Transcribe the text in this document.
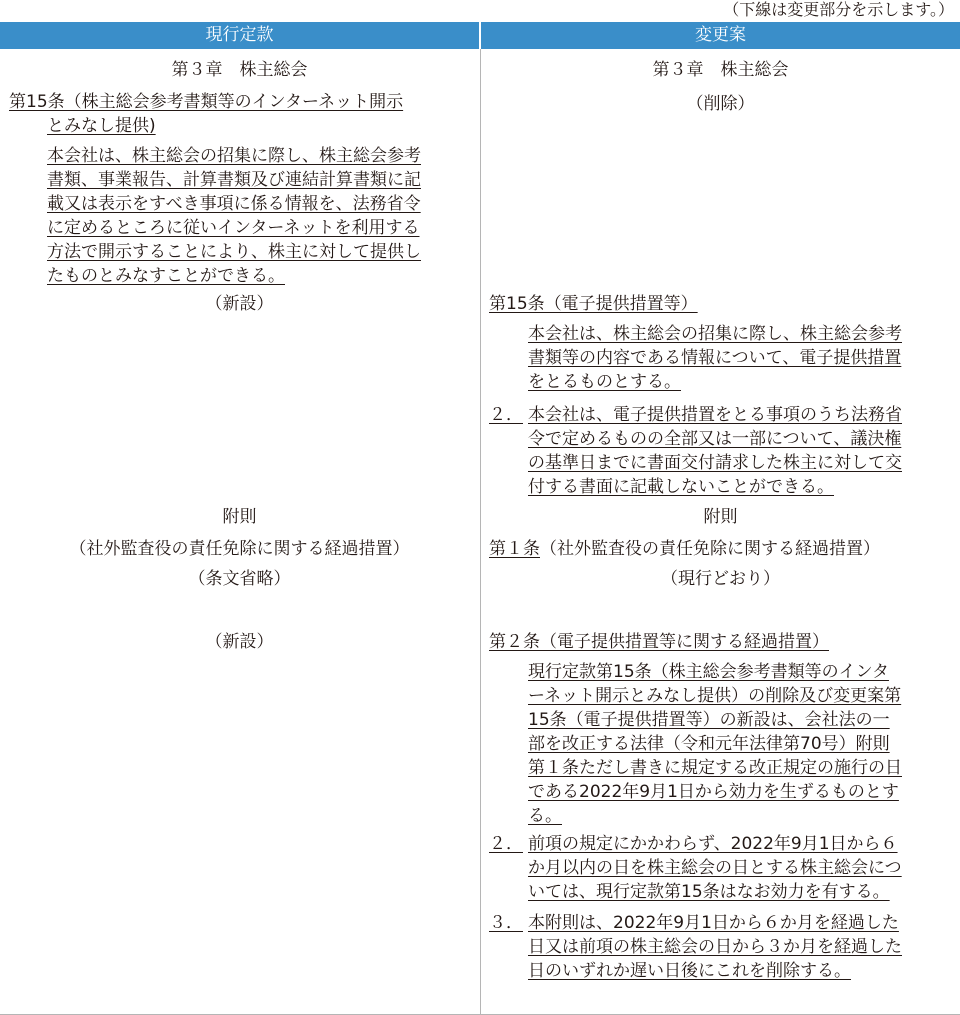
（下線は変更部分を示します。）
現行定款	変更案
第３章　株主総会
第15条（株主総会参考書類等のインターネット開示
とみなし提供)
本会社は、株主総会の招集に際し、株主総会参考
書類、事業報告、計算書類及び連結計算書類に記
載又は表示をすべき事項に係る情報を、法務省令
に定めるところに従いインターネットを利用する
方法で開示することにより、株主に対して提供し
たものとみなすことができる。
（新設）
附則
（社外監査役の責任免除に関する経過措置）
（条文省略）
（新設）
第３章　株主総会
（削除）
第15条（電子提供措置等）
本会社は、株主総会の招集に際し、株主総会参考
書類等の内容である情報について、電子提供措置
をとるものとする。
２． 本会社は、電子提供措置をとる事項のうち法務省
令で定めるものの全部又は一部について、議決権
の基準日までに書面交付請求した株主に対して交
付する書面に記載しないことができる。
附則
第１条（社外監査役の責任免除に関する経過措置）
（現行どおり）
第２条（電子提供措置等に関する経過措置）
現行定款第15条（株主総会参考書類等のインタ
ーネット開示とみなし提供）の削除及び変更案第
15条（電子提供措置等）の新設は、会社法の一
部を改正する法律（令和元年法律第70号）附則
第１条ただし書きに規定する改正規定の施行の日
である2022年9月1日から効力を生ずるものとす
る。
２． 前項の規定にかかわらず、2022年9月1日から６
か月以内の日を株主総会の日とする株主総会につ
いては、現行定款第15条はなお効力を有する。
３． 本附則は、2022年9月1日から６か月を経過した
日又は前項の株主総会の日から３か月を経過した
日のいずれか遅い日後にこれを削除する。
